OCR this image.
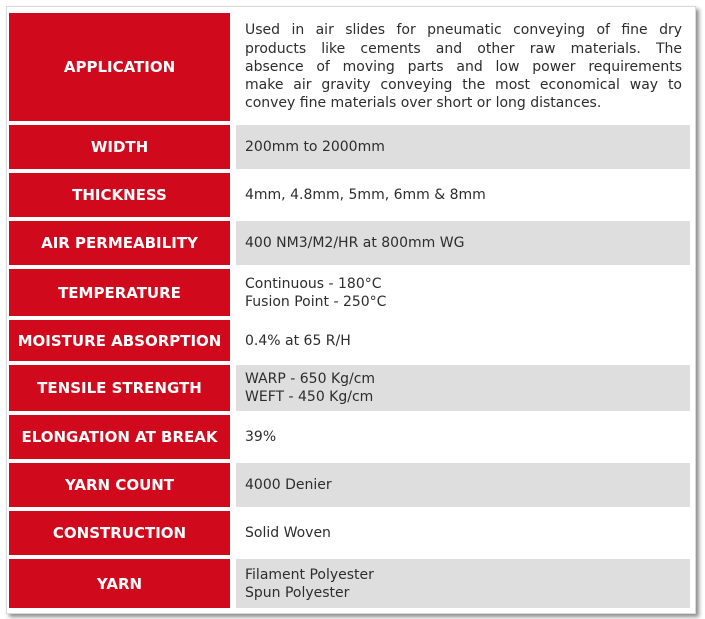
APPLICATION
Used in air slides for pneumatic conveying of fine dry
products like cements and other raw materials. The
absence of moving parts and low power requirements
make air gravity conveying the most economical way to
convey fine materials over short or long distances.
WIDTH	200mm to 2000mm
THICKNESS	4mm, 4.8mm, 5mm, 6mm & 8mm
AIR PERMEABILITY	400 NM3/M2/HR at 800mm WG
TEMPERATURE	Continuous - 180°C
Fusion Point - 250°C
MOISTURE ABSORPTION	0.4% at 65 R/H
TENSILE STRENGTH	WARP - 650 Kg/cm
WEFT - 450 Kg/cm
ELONGATION AT BREAK	39%
YARN COUNT	4000 Denier
CONSTRUCTION	Solid Woven
YARN	Filament Polyester
Spun Polyester
